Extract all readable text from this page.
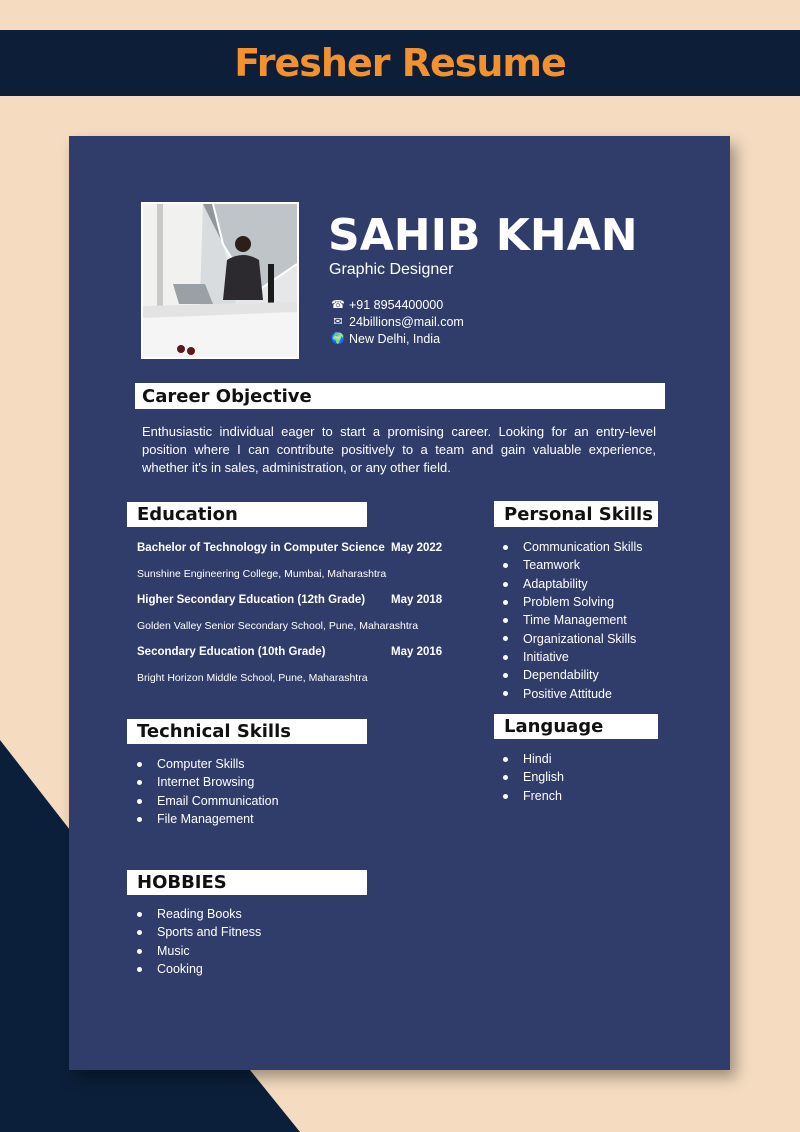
Fresher Resume
SAHIB KHAN
Graphic Designer
☎ +91 8954400000
✉ 24billions@mail.com
🌍 New Delhi, India
Career Objective
Enthusiastic individual eager to start a promising career. Looking for an entry-level position where I can contribute positively to a team and gain valuable experience, whether it's in sales, administration, or any other field.
Education
Bachelor of Technology in Computer Science May 2022
Sunshine Engineering College, Mumbai, Maharashtra
Higher Secondary Education (12th Grade) May 2018
Golden Valley Senior Secondary School, Pune, Maharashtra
Secondary Education (10th Grade)	May 2016
Bright Horizon Middle School, Pune, Maharashtra
Personal Skills
Communication Skills
Teamwork
Adaptability
Problem Solving
Time Management
Organizational Skills
Initiative
Dependability
Positive Attitude
Technical Skills
Computer Skills
Internet Browsing
Email Communication
File Management
Language
Hindi
English
French
HOBBIES
Reading Books
Sports and Fitness
Music
Cooking
